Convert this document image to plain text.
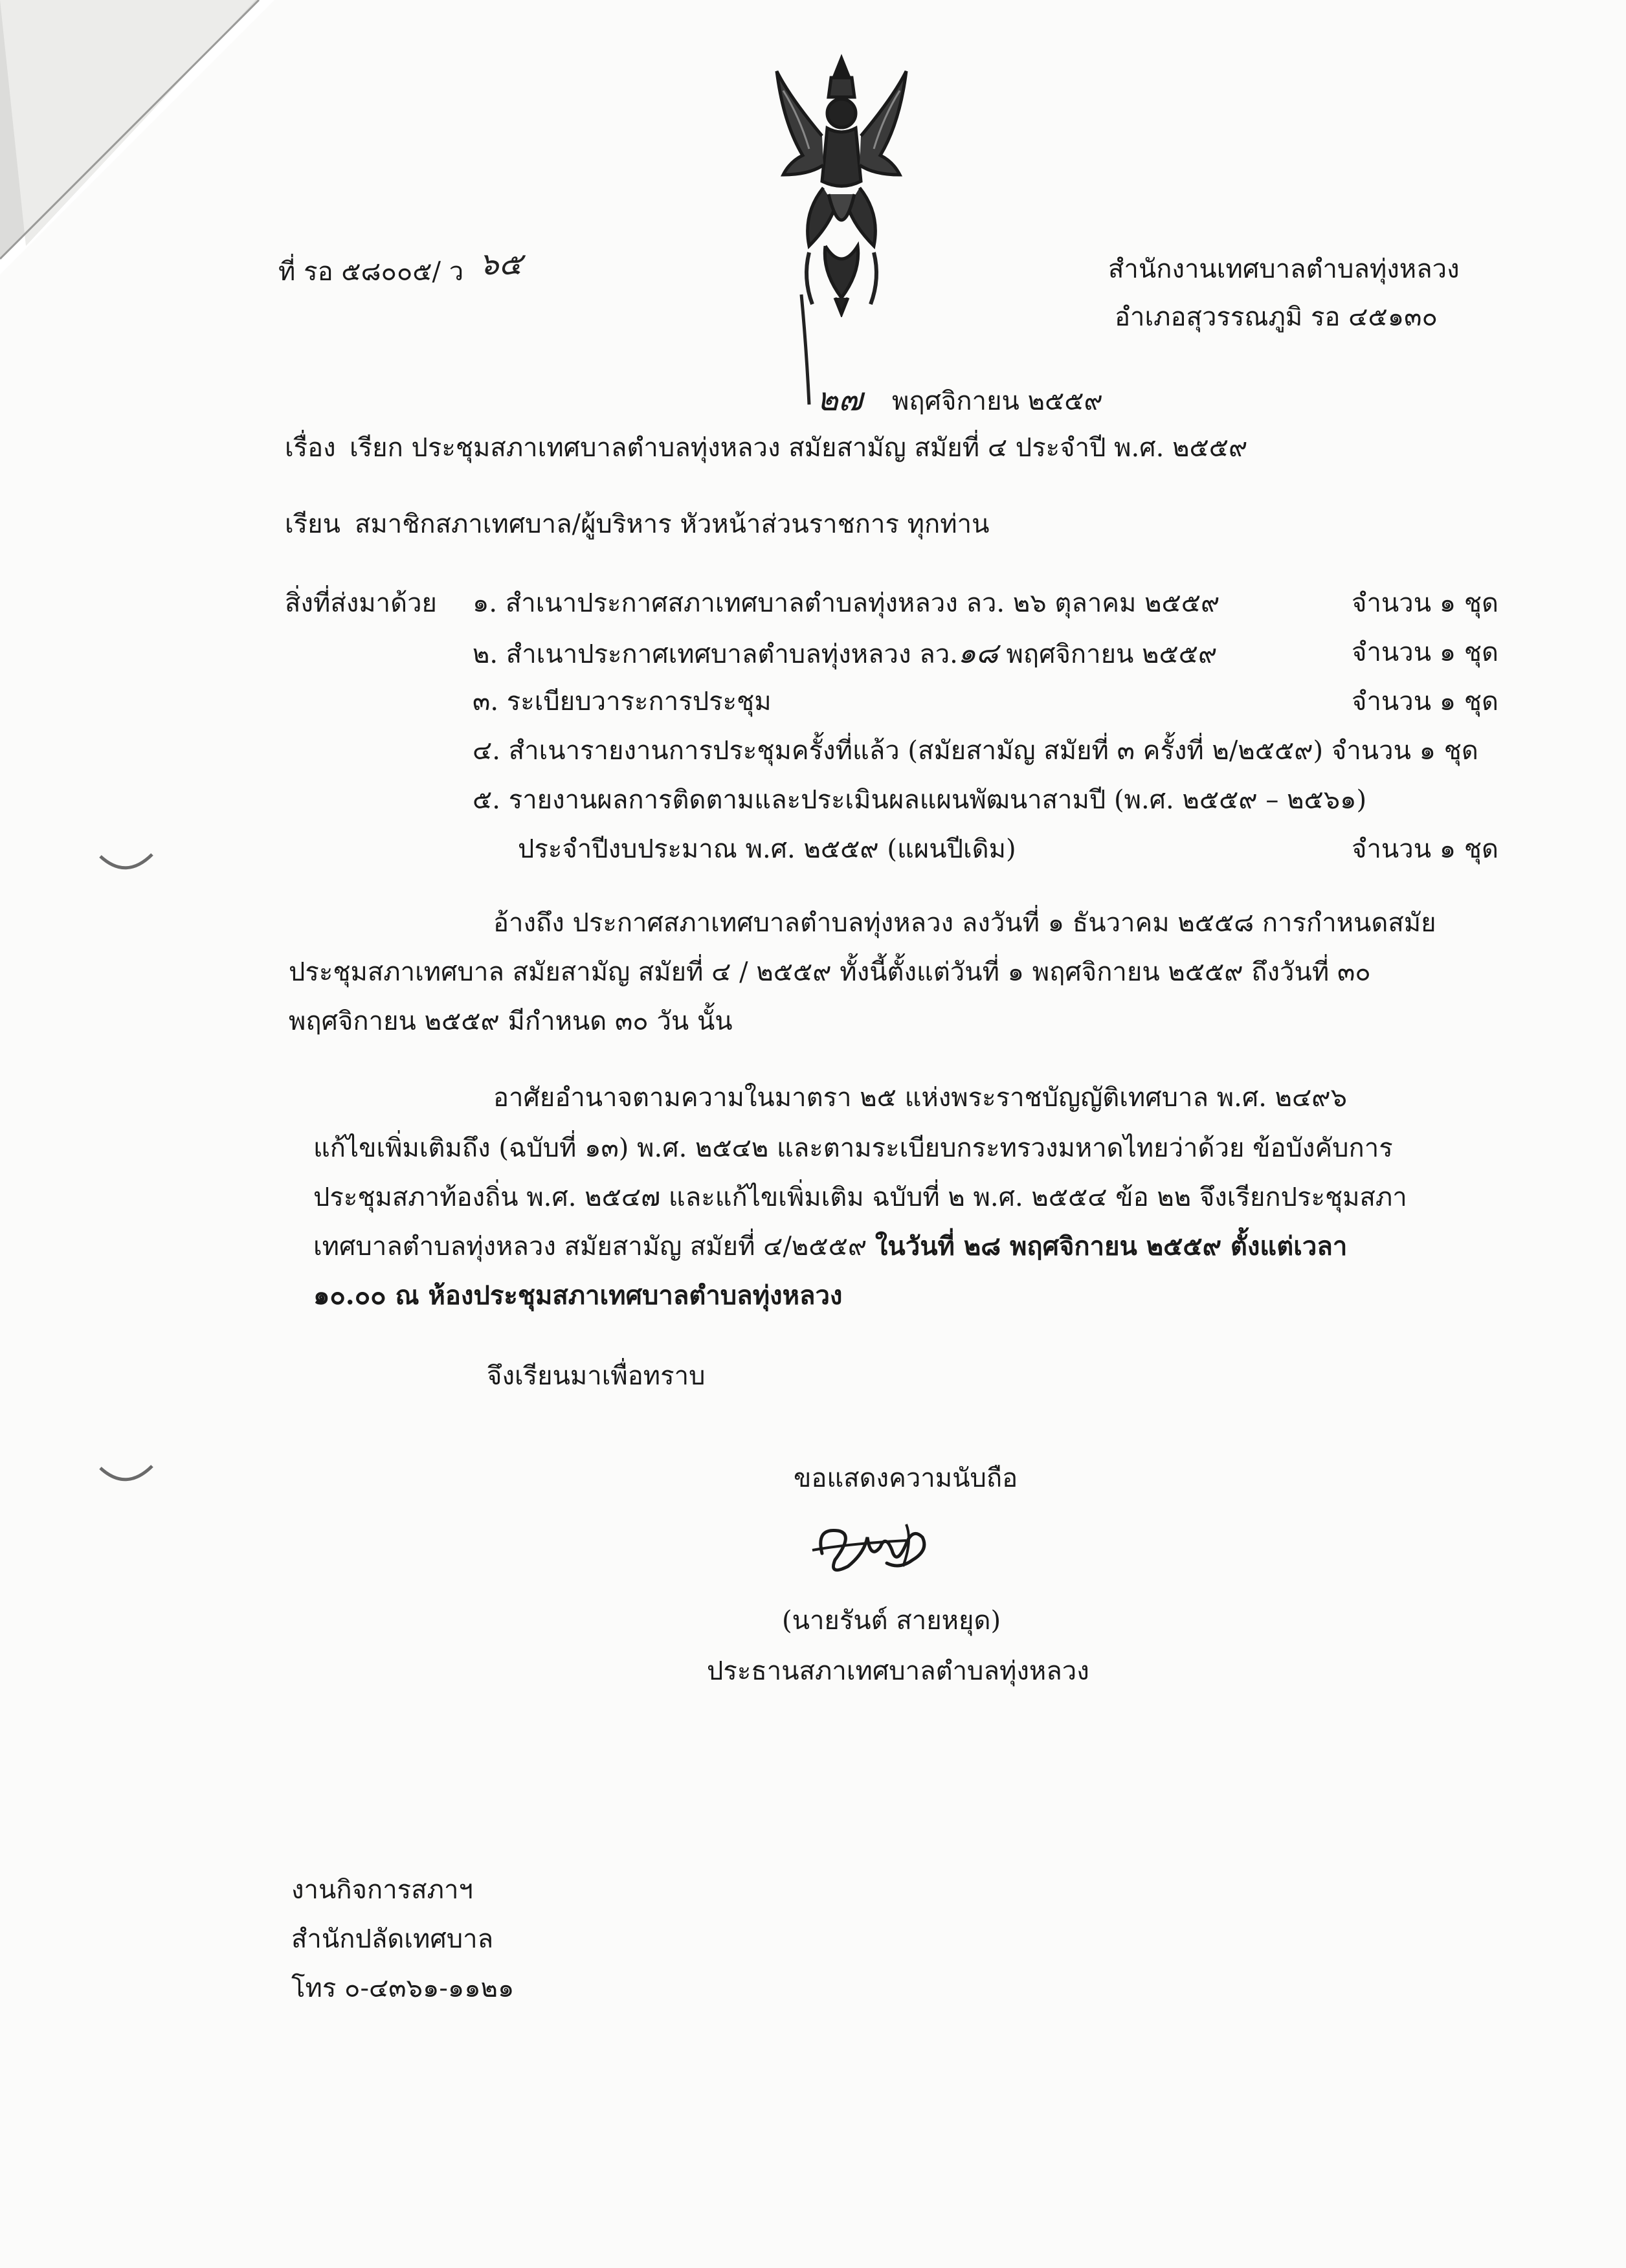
ที่ รอ ๕๘๐๐๕/ ว ๖๕	สำนักงานเทศบาลตำบลทุ่งหลวง
อำเภอสุวรรณภูมิ รอ ๔๕๑๓๐
๒๗ พฤศจิกายน ๒๕๕๙
เรื่อง เรียก ประชุมสภาเทศบาลตำบลทุ่งหลวง สมัยสามัญ สมัยที่ ๔ ประจำปี พ.ศ. ๒๕๕๙
เรียน สมาชิกสภาเทศบาล/ผู้บริหาร หัวหน้าส่วนราชการ ทุกท่าน
สิ่งที่ส่งมาด้วย ๑. สำเนาประกาศสภาเทศบาลตำบลทุ่งหลวง ลว. ๒๖ ตุลาคม ๒๕๕๙	จำนวน ๑ ชุด
๒. สำเนาประกาศเทศบาลตำบลทุ่งหลวง ลว.๑๘ พฤศจิกายน ๒๕๕๙	จำนวน ๑ ชุด
๓. ระเบียบวาระการประชุม	จำนวน ๑ ชุด
๔. สำเนารายงานการประชุมครั้งที่แล้ว (สมัยสามัญ สมัยที่ ๓ ครั้งที่ ๒/๒๕๕๙) จำนวน ๑ ชุด
๕. รายงานผลการติดตามและประเมินผลแผนพัฒนาสามปี (พ.ศ. ๒๕๕๙ – ๒๕๖๑)
ประจำปีงบประมาณ พ.ศ. ๒๕๕๙ (แผนปีเดิม)	จำนวน ๑ ชุด
อ้างถึง ประกาศสภาเทศบาลตำบลทุ่งหลวง ลงวันที่ ๑ ธันวาคม ๒๕๕๘ การกำหนดสมัย
ประชุมสภาเทศบาล สมัยสามัญ สมัยที่ ๔ / ๒๕๕๙ ทั้งนี้ตั้งแต่วันที่ ๑ พฤศจิกายน ๒๕๕๙ ถึงวันที่ ๓๐
พฤศจิกายน ๒๕๕๙ มีกำหนด ๓๐ วัน นั้น
อาศัยอำนาจตามความในมาตรา ๒๕ แห่งพระราชบัญญัติเทศบาล พ.ศ. ๒๔๙๖
แก้ไขเพิ่มเติมถึง (ฉบับที่ ๑๓) พ.ศ. ๒๕๔๒ และตามระเบียบกระทรวงมหาดไทยว่าด้วย ข้อบังคับการ
ประชุมสภาท้องถิ่น พ.ศ. ๒๕๔๗ และแก้ไขเพิ่มเติม ฉบับที่ ๒ พ.ศ. ๒๕๕๔ ข้อ ๒๒ จึงเรียกประชุมสภา
เทศบาลตำบลทุ่งหลวง สมัยสามัญ สมัยที่ ๔/๒๕๕๙ ในวันที่ ๒๘ พฤศจิกายน ๒๕๕๙ ตั้งแต่เวลา
๑๐.๐๐ ณ ห้องประชุมสภาเทศบาลตำบลทุ่งหลวง
จึงเรียนมาเพื่อทราบ
ขอแสดงความนับถือ
(นายรันต์ สายหยุด)
ประธานสภาเทศบาลตำบลทุ่งหลวง
งานกิจการสภาฯ
สำนักปลัดเทศบาล
โทร ๐-๔๓๖๑-๑๑๒๑
